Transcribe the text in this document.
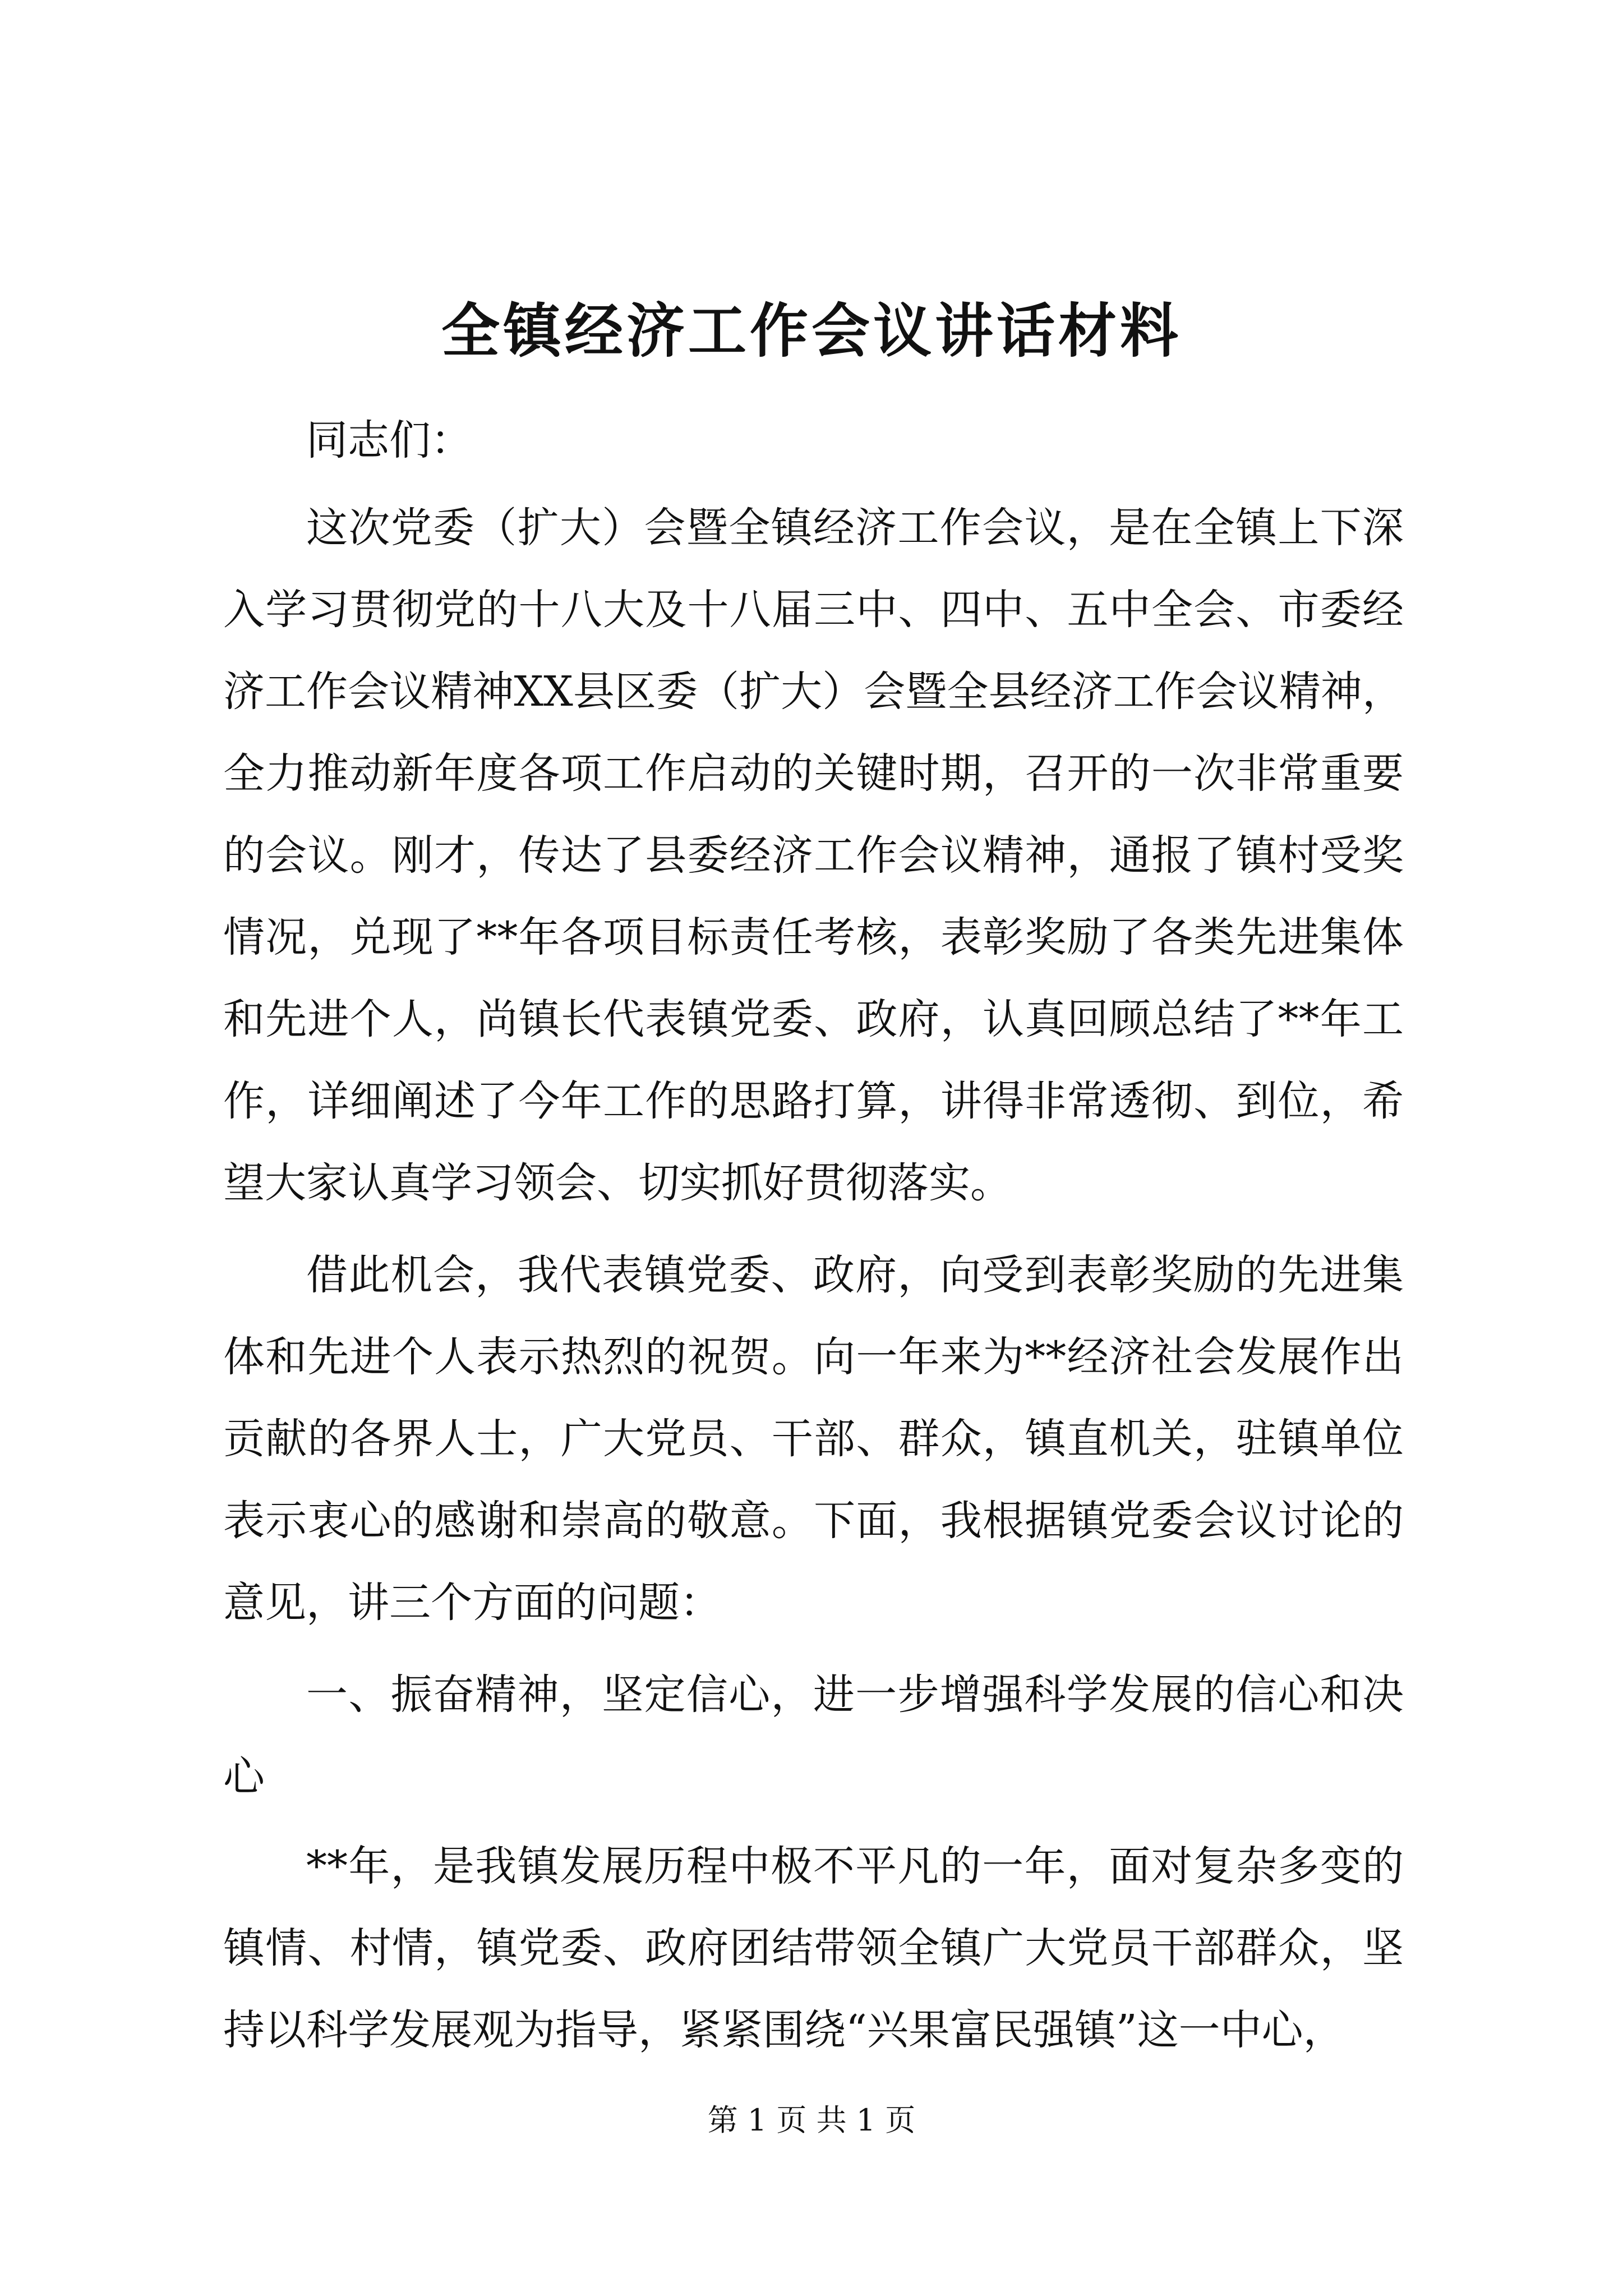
全镇经济工作会议讲话材料

同志们：

这次党委（扩大）会暨全镇经济工作会议，是在全镇上下深入学习贯彻党的十八大及十八届三中、四中、五中全会、市委经济工作会议精神XX县区委（扩大）会暨全县经济工作会议精神，全力推动新年度各项工作启动的关键时期，召开的一次非常重要的会议。刚才，传达了县委经济工作会议精神，通报了镇村受奖情况，兑现了**年各项目标责任考核，表彰奖励了各类先进集体和先进个人，尚镇长代表镇党委、政府，认真回顾总结了**年工作，详细阐述了今年工作的思路打算，讲得非常透彻、到位，希望大家认真学习领会、切实抓好贯彻落实。

借此机会，我代表镇党委、政府，向受到表彰奖励的先进集体和先进个人表示热烈的祝贺。向一年来为**经济社会发展作出贡献的各界人士，广大党员、干部、群众，镇直机关，驻镇单位表示衷心的感谢和崇高的敬意。下面，我根据镇党委会议讨论的意见，讲三个方面的问题：

一、振奋精神，坚定信心，进一步增强科学发展的信心和决心

**年，是我镇发展历程中极不平凡的一年，面对复杂多变的镇情、村情，镇党委、政府团结带领全镇广大党员干部群众，坚持以科学发展观为指导，紧紧围绕“兴果富民强镇”这一中心，

第 1 页 共 1 页
